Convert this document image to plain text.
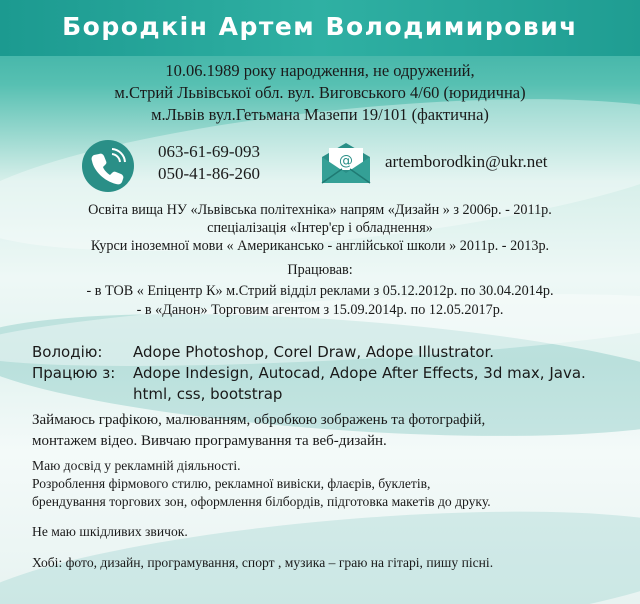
Бородкін Артем Володимирович
10.06.1989 року народження, не одружений,
м.Стрий Львівської обл. вул. Виговського 4/60 (юридична)
м.Львів вул.Гетьмана Мазепи 19/101 (фактична)
063-61-69-093
050-41-86-260
@ artemborodkin@ukr.net
Освіта вища НУ «Львівська політехніка» напрям «Дизайн » з 2006р. - 2011р.
спеціалізація «Інтер'єр і обладнення»
Курси іноземної мови « Американсько - англійської школи » 2011р. - 2013р.
Працював:
- в ТОВ « Епіцентр К» м.Стрий відділ реклами з 05.12.2012р. по 30.04.2014р.
- в «Данон» Торговим агентом з 15.09.2014р. по 12.05.2017р.
Володію: Adope Photoshop, Corel Draw, Adope Illustrator.
Працюю з: Adope Indesign, Autocad, Adope After Effects, 3d max, Java.
html, css, bootstrap
Займаюсь графікою, малюванням, обробкою зображень та фотографій,
монтажем відео. Вивчаю програмування та веб-дизайн.
Маю досвід у рекламній діяльності.
Розроблення фірмового стилю, рекламної вивіски, флаєрів, буклетів,
брендування торгових зон, оформлення білбордів, підготовка макетів до друку.
Не маю шкідливих звичок.
Хобі: фото, дизайн, програмування, спорт , музика – граю на гітарі, пишу пісні.
